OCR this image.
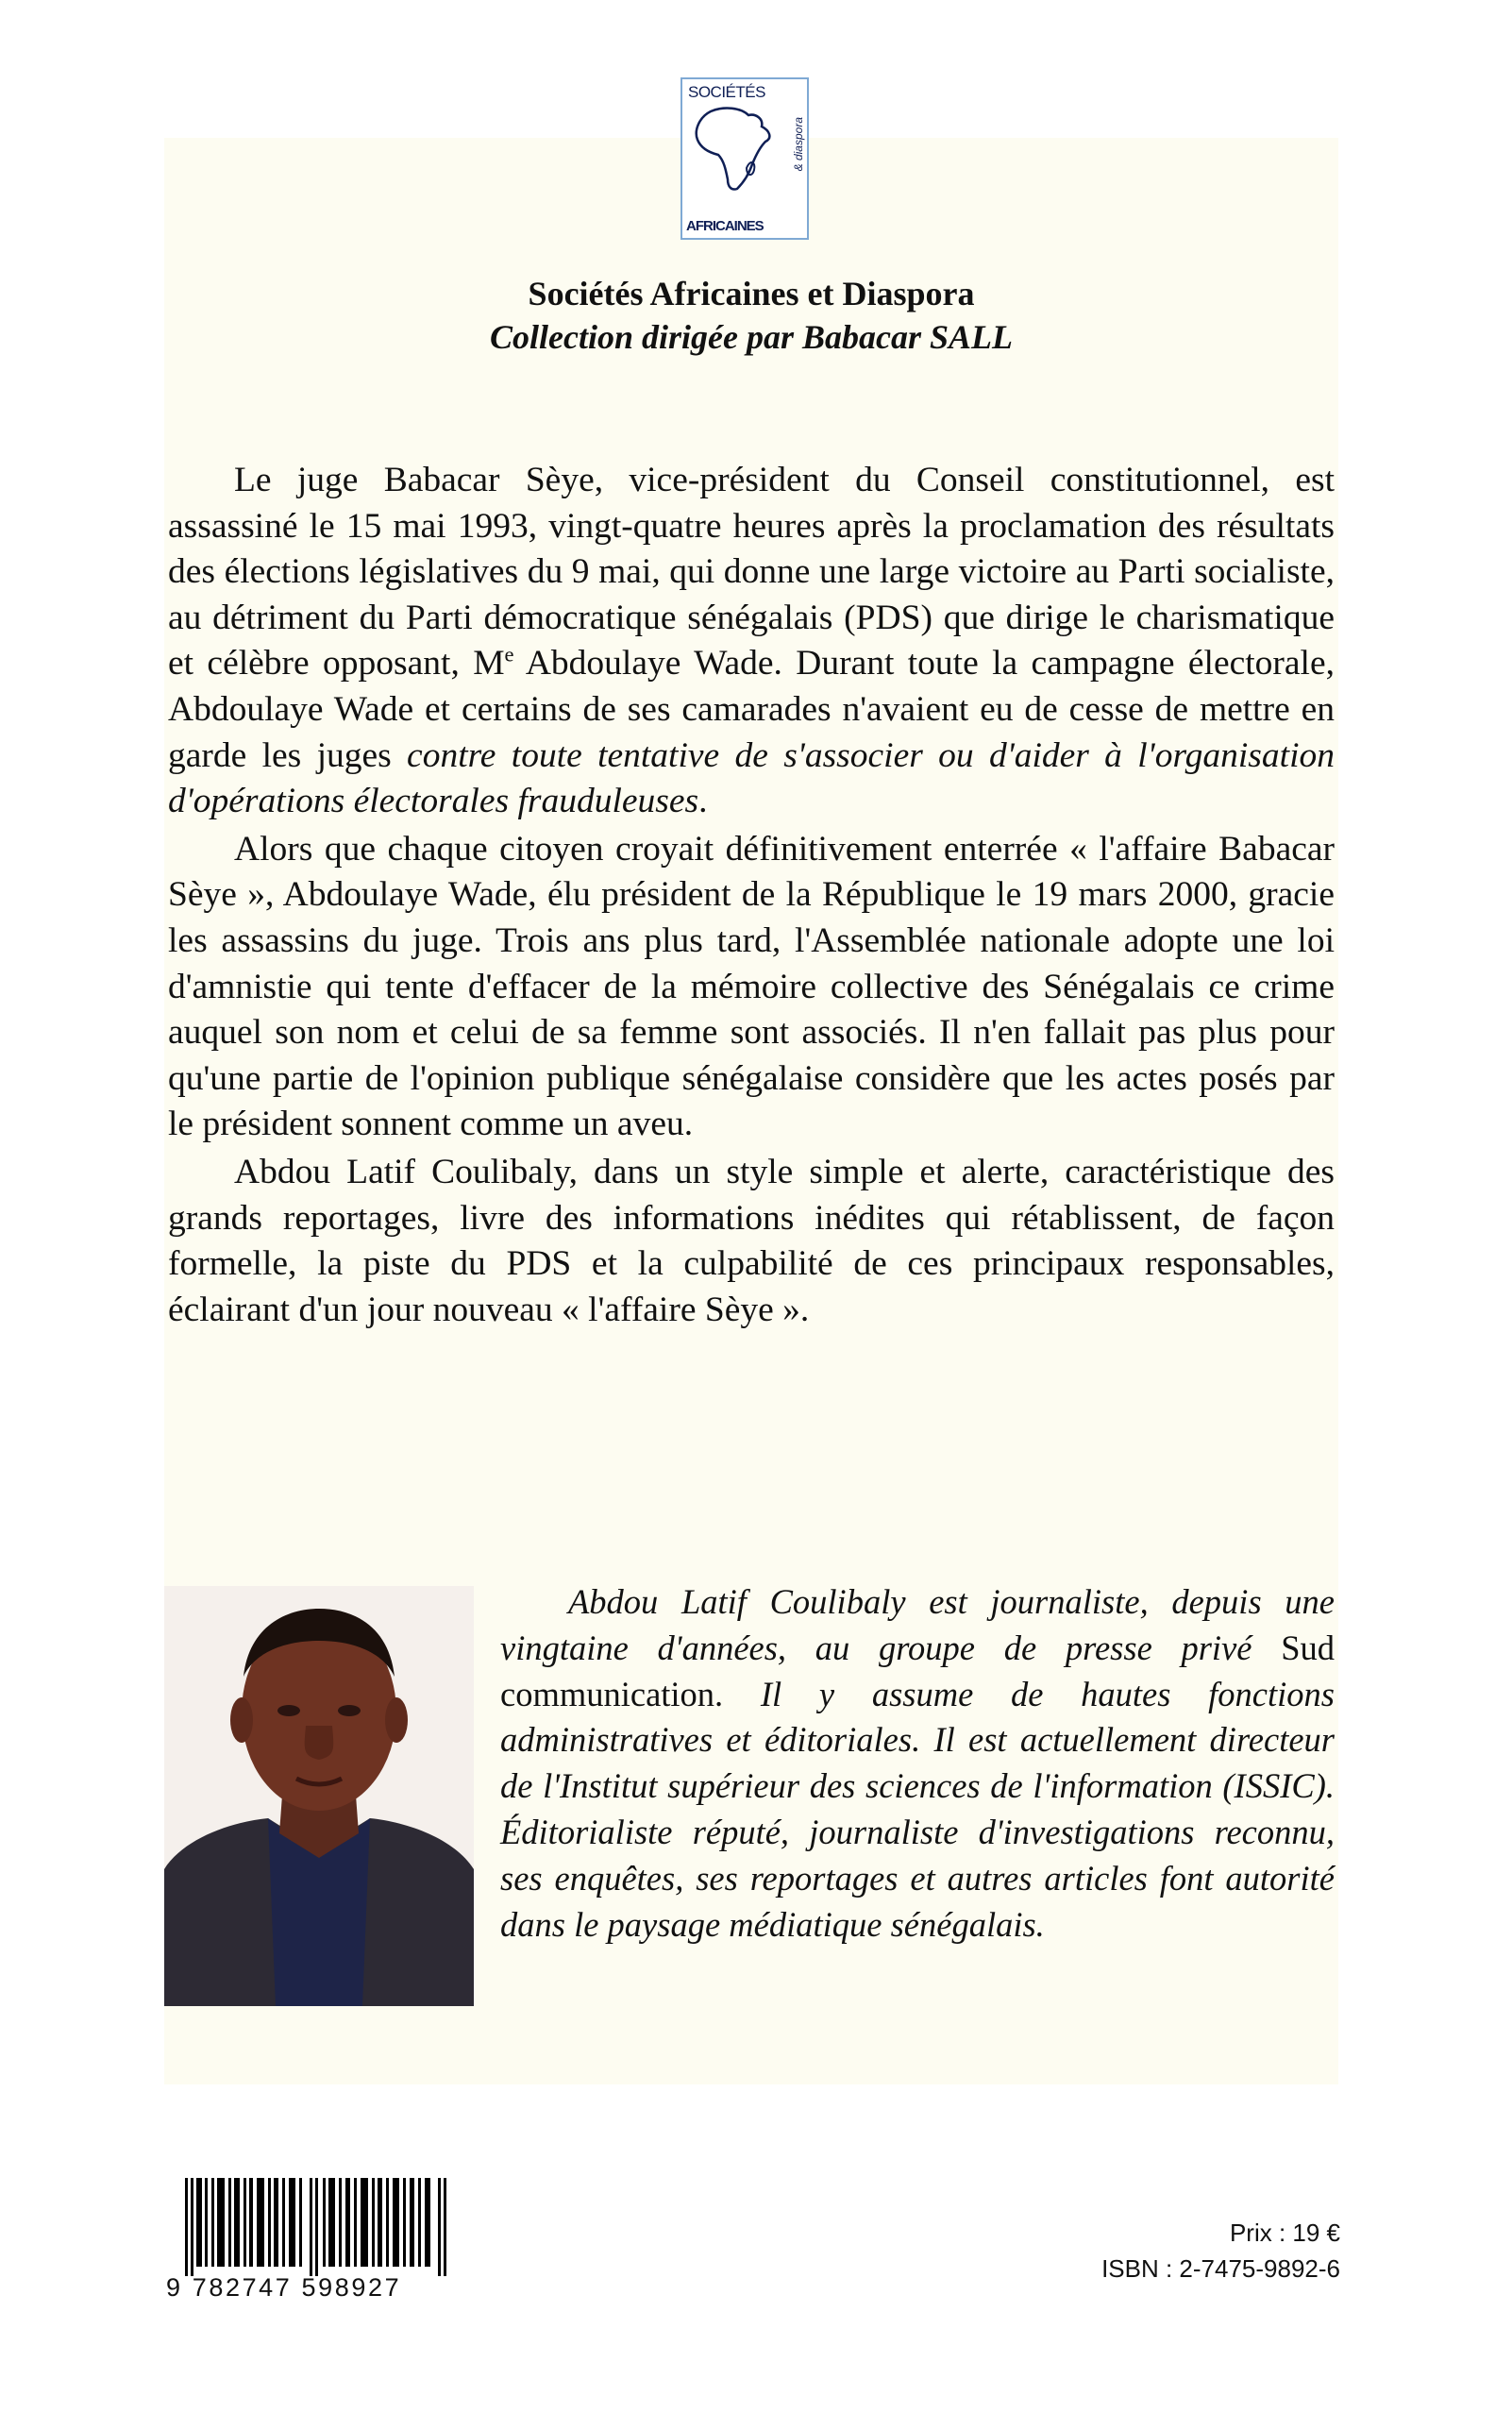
SOCIÉTÉS
& diaspora
AFRICAINES
Sociétés Africaines et Diaspora
Collection dirigée par Babacar SALL

Le juge Babacar Sèye, vice-président du Conseil constitutionnel, est assassiné le 15 mai 1993, vingt-quatre heures après la proclamation des résultats des élections législatives du 9 mai, qui donne une large victoire au Parti socialiste, au détriment du Parti démocratique sénégalais (PDS) que dirige le charismatique et célèbre opposant, Me Abdoulaye Wade. Durant toute la campagne électorale, Abdoulaye Wade et certains de ses camarades n'avaient eu de cesse de mettre en garde les juges contre toute tentative de s'associer ou d'aider à l'organisation d'opérations électorales frauduleuses.

Alors que chaque citoyen croyait définitivement enterrée « l'affaire Babacar Sèye », Abdoulaye Wade, élu président de la République le 19 mars 2000, gracie les assassins du juge. Trois ans plus tard, l'Assemblée nationale adopte une loi d'amnistie qui tente d'effacer de la mémoire collective des Sénégalais ce crime auquel son nom et celui de sa femme sont associés. Il n'en fallait pas plus pour qu'une partie de l'opinion publique sénégalaise considère que les actes posés par le président sonnent comme un aveu.

Abdou Latif Coulibaly, dans un style simple et alerte, caractéristique des grands reportages, livre des informations inédites qui rétablissent, de façon formelle, la piste du PDS et la culpabilité de ces principaux responsables, éclairant d'un jour nouveau « l'affaire Sèye ».

Abdou Latif Coulibaly est journaliste, depuis une vingtaine d'années, au groupe de presse privé Sud communication. Il y assume de hautes fonctions administratives et éditoriales. Il est actuellement directeur de l'Institut supérieur des sciences de l'information (ISSIC). Éditorialiste réputé, journaliste d'investigations reconnu, ses enquêtes, ses reportages et autres articles font autorité dans le paysage médiatique sénégalais.

9 782747 598927
Prix : 19 €
ISBN : 2-7475-9892-6
